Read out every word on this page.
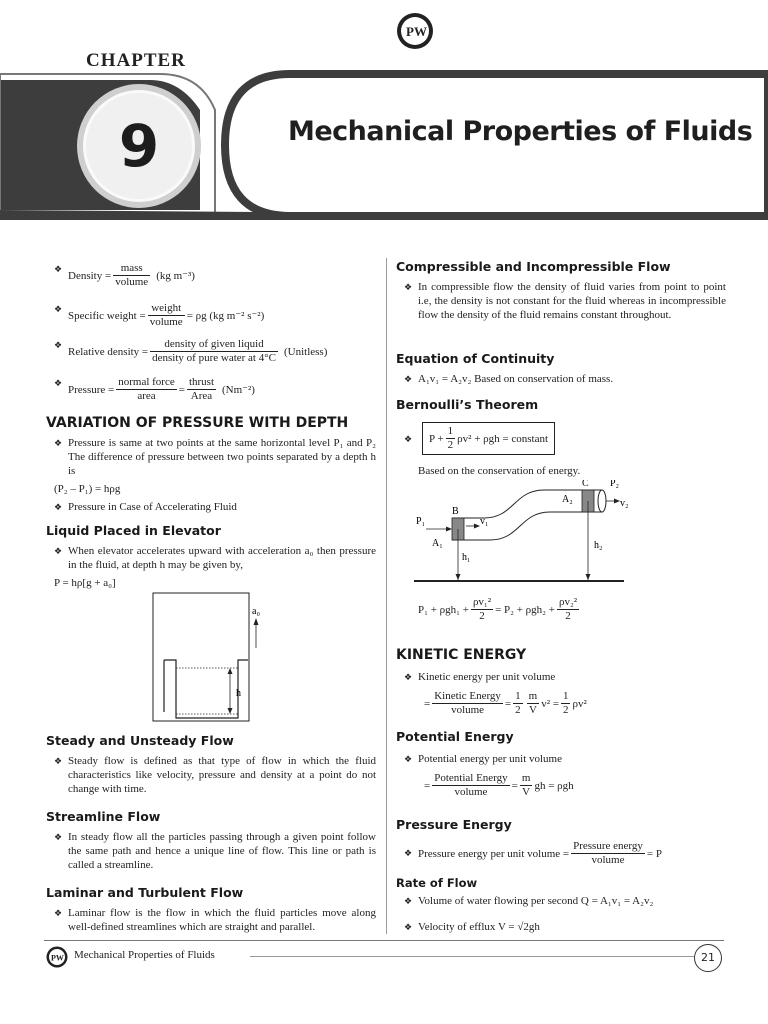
PW
CHAPTER
9	Mechanical Properties of Fluids
❖
Density = $\frac{\text{mass}}{\text{volume}} (kg$ m⁻³)
❖
Specific weight = $\frac{\text{weight}}{\text{volume}} = \rho g$ (kg m⁻² s⁻²)
❖
Relative density = $\frac{\text{density of given liquid}}{\text{density of pure water at 4°C}}$ (Unitless)
❖
Pressure = $\frac{\text{normal force}}{\text{area}} = \frac{\text{thrust}}{\text{Area}} (Nm^{-2})$
VARIATION OF PRESSURE WITH DEPTH
❖ Pressure is same at two points at the same horizontal level P₁ and P₂ The difference of pressure between two points separated by a depth h is
(P₂ – P₁) = hρg
❖ Pressure in Case of Accelerating Fluid
Liquid Placed in Elevator
❖ When elevator accelerates upward with acceleration a₀ then pressure in the fluid, at depth h may be given by,
P = hρ[g + a₀]
h
a₀
Steady and Unsteady Flow
❖ Steady flow is defined as that type of flow in which the fluid characteristics like velocity, pressure and density at a point do not change with time.
Streamline Flow
❖ In steady flow all the particles passing through a given point follow the same path and hence a unique line of flow. This line or path is called a streamline.
Laminar and Turbulent Flow
❖ Laminar flow is the flow in which the fluid particles move along well-defined streamlines which are straight and parallel.
Compressible and Incompressible Flow
❖ In compressible flow the density of fluid varies from point to point i.e, the density is not constant for the fluid whereas in incompressible flow the density of the fluid remains constant throughout.
Equation of Continuity
❖ A₁v₁ = A₂v₂ Based on conservation of mass.
Bernoulli’s Theorem
❖ $P + \frac{1}{2} \rho v^2 + \rho gh$ = constant
Based on the conservation of energy.
B
C
P₁	v₁
A₁
h₁
P₂
v₂
A₂
h₂
$P_1 + \rho gh_1 + \frac{\text{ρv₁²}}{2} = P_2 + \rho gh_2 + \frac{\text{ρv₂²}}{2}$
KINETIC ENERGY
❖ Kinetic energy per unit volume
= $\frac{\text{Kinetic Energy}}{\text{volume}} = \frac{1}{2} \frac{m}{V} v^2 = \frac{1}{2} \rho v^2$
Potential Energy
❖ Potential energy per unit volume
= $\frac{\text{Potential Energy}}{\text{volume}} = \frac{m}{V}$ gh = ρgh
Pressure Energy
❖ Pressure energy per unit volume = $\frac{\text{Pressure energy}}{\text{volume}} = P$
Rate of Flow
❖ Volume of water flowing per second Q = A₁v₁ = A₂v₂
❖ Velocity of efflux V = √2gh
PW Mechanical Properties of Fluids	21
